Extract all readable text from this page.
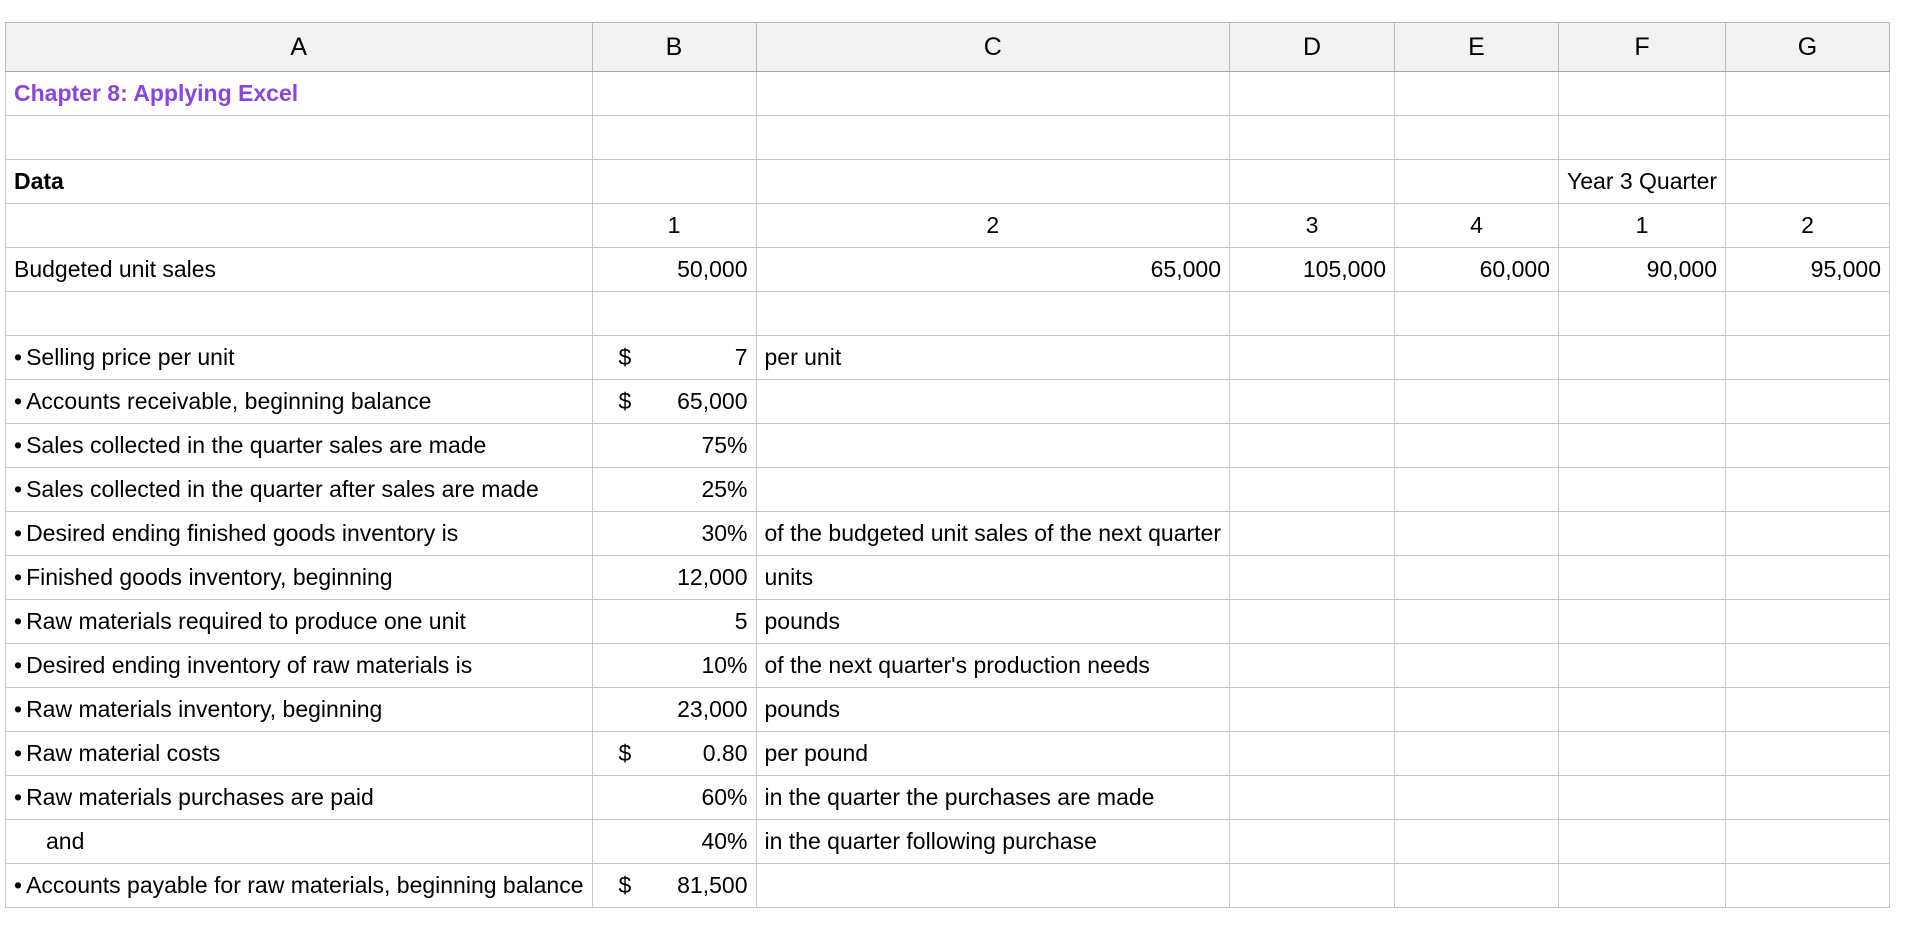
A	B	C	D	E	F	G
Chapter 8: Applying Excel						

Data					Year 3 Quarter	
	1	2	3	4	1	2
Budgeted unit sales	50,000	65,000	105,000	60,000	90,000	95,000

• Selling price per unit	$ 7	per unit				
• Accounts receivable, beginning balance	$ 65,000					

• Sales collected in the quarter sales are made	75%					

• Sales collected in the quarter after sales are made	25%					

• Desired ending finished goods inventory is	30%	of the budgeted unit sales of the next quarter				
• Finished goods inventory, beginning	12,000	units				
• Raw materials required to produce one unit	5	pounds				
• Desired ending inventory of raw materials is	10%	of the next quarter's production needs				
• Raw materials inventory, beginning	23,000	pounds				
• Raw material costs	$ 0.80	per pound				
• Raw materials purchases are paid	60%	in the quarter the purchases are made				
and	40%	in the quarter following purchase				
• Accounts payable for raw materials, beginning balance	$ 81,500					
